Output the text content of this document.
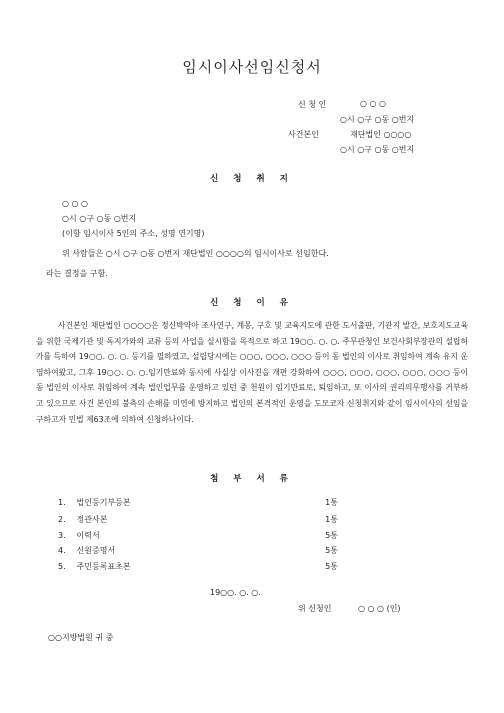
임시이사선임신청서
신 청 인	○ ○ ○
○시 ○구 ○동 ○번지
사건본인	재단법인 ○○○○
○시 ○구 ○동 ○번지
신 청 취 지
○ ○ ○
○시 ○구 ○동 ○번지
(이항 임시이사 5인의 주소, 성명 연기명)
위 사람들은 ○시 ○구 ○동 ○번지 재단법인 ○○○○의 임시이사로 선임한다.
라는 결정을 구함.
신 청 이 유
사건본인 재단법인 ○○○○은 정신박약아 조사연구, 계몽, 구호 및 교육지도에 관한 도서출판, 기관지 발간, 보호지도교육을 위한 국제기관 및 독지가와의 교류 등의 사업을 실시함을 목적으로 하고 19○○. ○. ○. 주무관청인 보건사회부장관의 설립허가를 득하여 19○○. ○. ○. 등기를 필하였고, 설립당시에는 ○○○, ○○○, ○○○ 등이 동 법인의 이사로 취임하여 계속 유지 운영하여왔고, 그후 19○○. ○. ○.임기만료와 동시에 사실상 이사진을 개편 강화하여 ○○○, ○○○, ○○○, ○○○, ○○○ 등이 동 법인의 이사로 취임하여 계속 법인업무를 운영하고 있던 중 천원이 임기만료로, 퇴임하고, 또 이사의 권리의무행사를 거부하고 있으므로 사건 본인의 불측의 손해를 미연에 방지하고 법인의 본격적인 운영을 도모코자 신청취지와 같이 임시이사의 선임을 구하고자 민법 제63조에 의하여 신청하나이다.
첨 부 서 류
1. 법인등기부등본	1통
2. 정관사본	1통
3. 이력서	5통
4. 신원증명서	5통
5. 주민등록표초본	5통
19○○. ○. ○.
위 신청인	○ ○ ○ (인)
○○지방법원 귀 중
